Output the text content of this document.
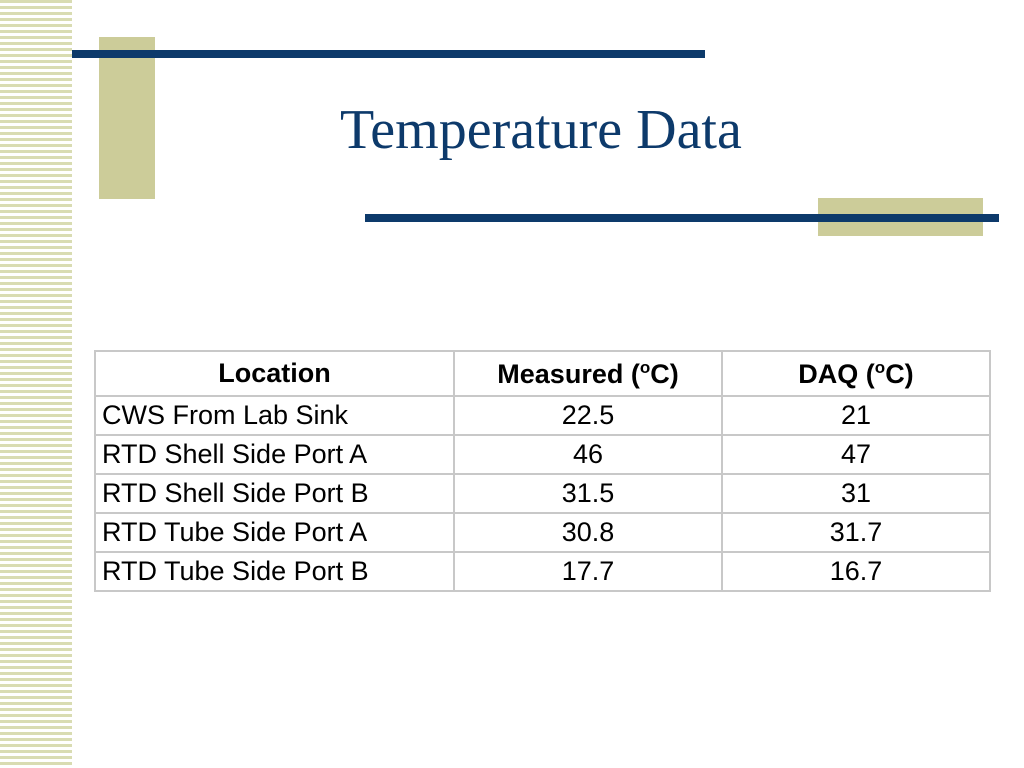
Temperature Data
Location	Measured ($^o$C)	DAQ ($^o$C)
CWS From Lab Sink	22.5	21
RTD Shell Side Port A	46	47
RTD Shell Side Port B	31.5	31
RTD Tube Side Port A	30.8	31.7
RTD Tube Side Port B	17.7	16.7
